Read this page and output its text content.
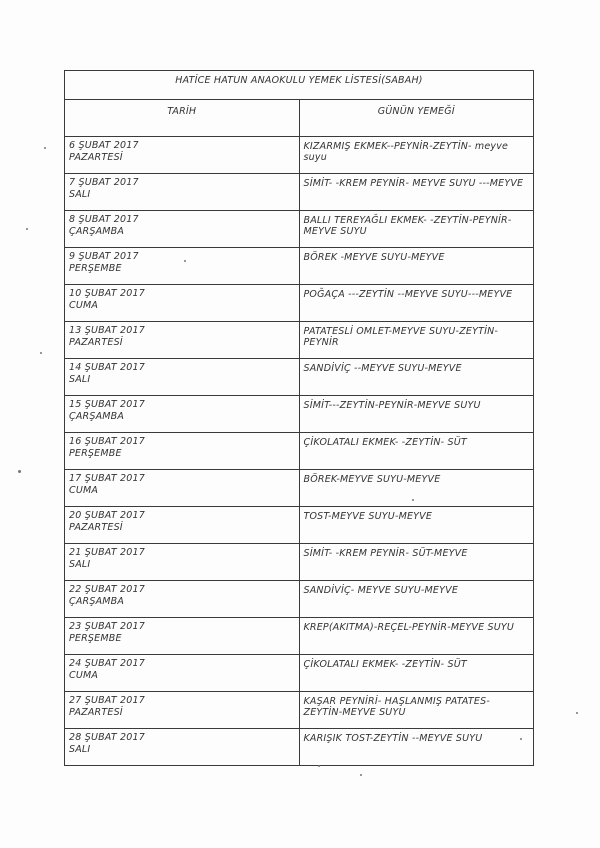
HATİCE HATUN ANAOKULU YEMEK LİSTESİ(SABAH)	
TARİH	GÜNÜN YEMEĞİ

6 ŞUBAT 2017
PAZARTESİ	KIZARMIŞ EKMEK--PEYNİR-ZEYTİN- meyve suyu

7 ŞUBAT 2017
SALI	SİMİT- -KREM PEYNİR- MEYVE SUYU ---MEYVE

8 ŞUBAT 2017
ÇARŞAMBA	BALLI TEREYAĞLI EKMEK- -ZEYTİN-PEYNİR- MEYVE SUYU

9 ŞUBAT 2017
PERŞEMBE	BÖREK -MEYVE SUYU-MEYVE

10 ŞUBAT 2017
CUMA	POĞAÇA ---ZEYTİN --MEYVE SUYU---MEYVE

13 ŞUBAT 2017
PAZARTESİ	PATATESLİ OMLET-MEYVE SUYU-ZEYTİN-PEYNİR

14 ŞUBAT 2017
SALI	SANDİVİÇ --MEYVE SUYU-MEYVE

15 ŞUBAT 2017
ÇARŞAMBA	SİMİT---ZEYTİN-PEYNİR-MEYVE SUYU

16 ŞUBAT 2017
PERŞEMBE	ÇİKOLATALI EKMEK- -ZEYTİN- SÜT

17 ŞUBAT 2017
CUMA	BÖREK-MEYVE SUYU-MEYVE

20 ŞUBAT 2017
PAZARTESİ	TOST-MEYVE SUYU-MEYVE

21 ŞUBAT 2017
SALI	SİMİT- -KREM PEYNİR- SÜT-MEYVE

22 ŞUBAT 2017
ÇARŞAMBA	SANDİVİÇ- MEYVE SUYU-MEYVE

23 ŞUBAT 2017
PERŞEMBE	KREP(AKITMA)-REÇEL-PEYNİR-MEYVE SUYU

24 ŞUBAT 2017
CUMA	ÇİKOLATALI EKMEK- -ZEYTİN- SÜT

27 ŞUBAT 2017
PAZARTESİ	KAŞAR PEYNİRİ- HAŞLANMIŞ PATATES- ZEYTİN-MEYVE SUYU

28 ŞUBAT 2017
SALI	KARIŞIK TOST-ZEYTİN --MEYVE SUYU
